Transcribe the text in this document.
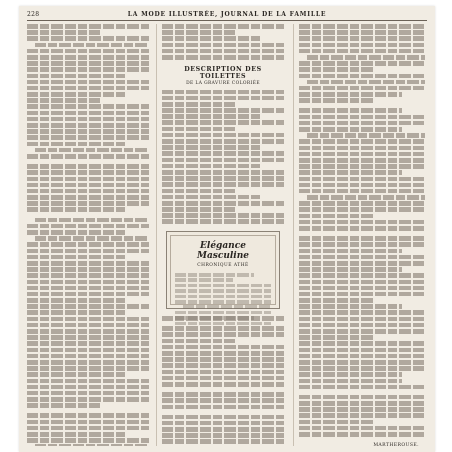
228	LA MODE ILLUSTRÉE, JOURNAL DE LA FAMILLE
DESCRIPTION DES TOILETTES
DE LA GRAVURE COLORIÉE
Elégance Masculine
CHRONIQUE ATHÉ
MARTHEROUSE.
